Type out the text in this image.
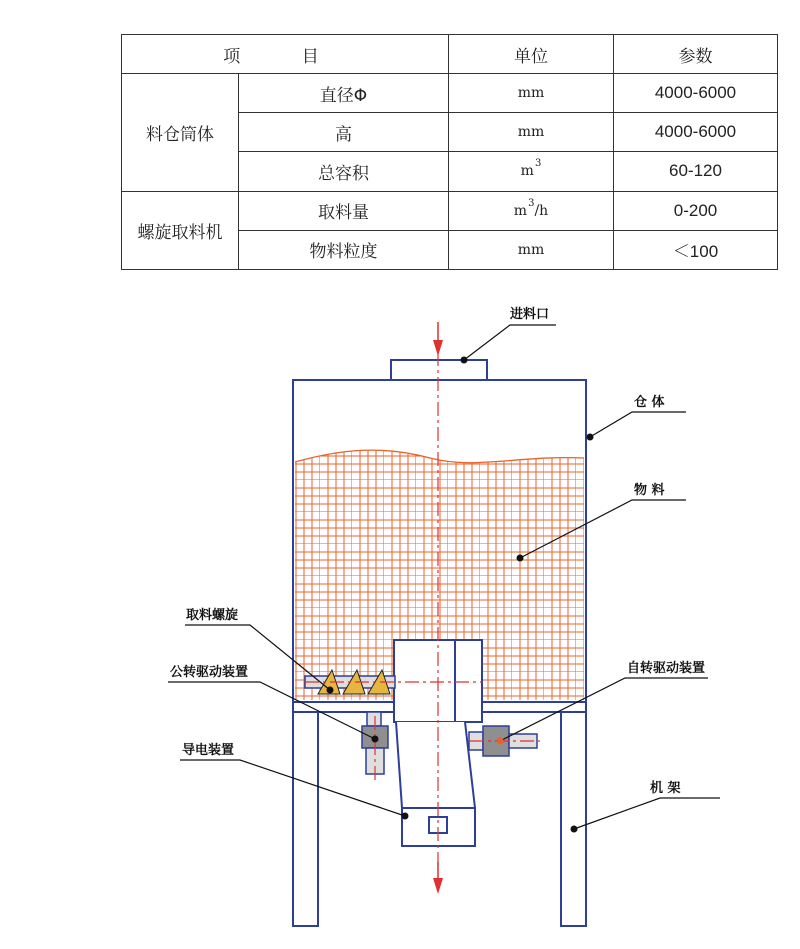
项 目		单位	参数
料仓筒体	直径Φ	mm	4000-6000
	高	mm	4000-6000
	总容积	$m^3$	60-120
螺旋取料机	取料量	$m^3/h$	0-200
	物料粒度	mm	＜100
进料口
仓 体
物 料
取料螺旋
公转驱动装置	自转驱动装置
导电装置
机 架
